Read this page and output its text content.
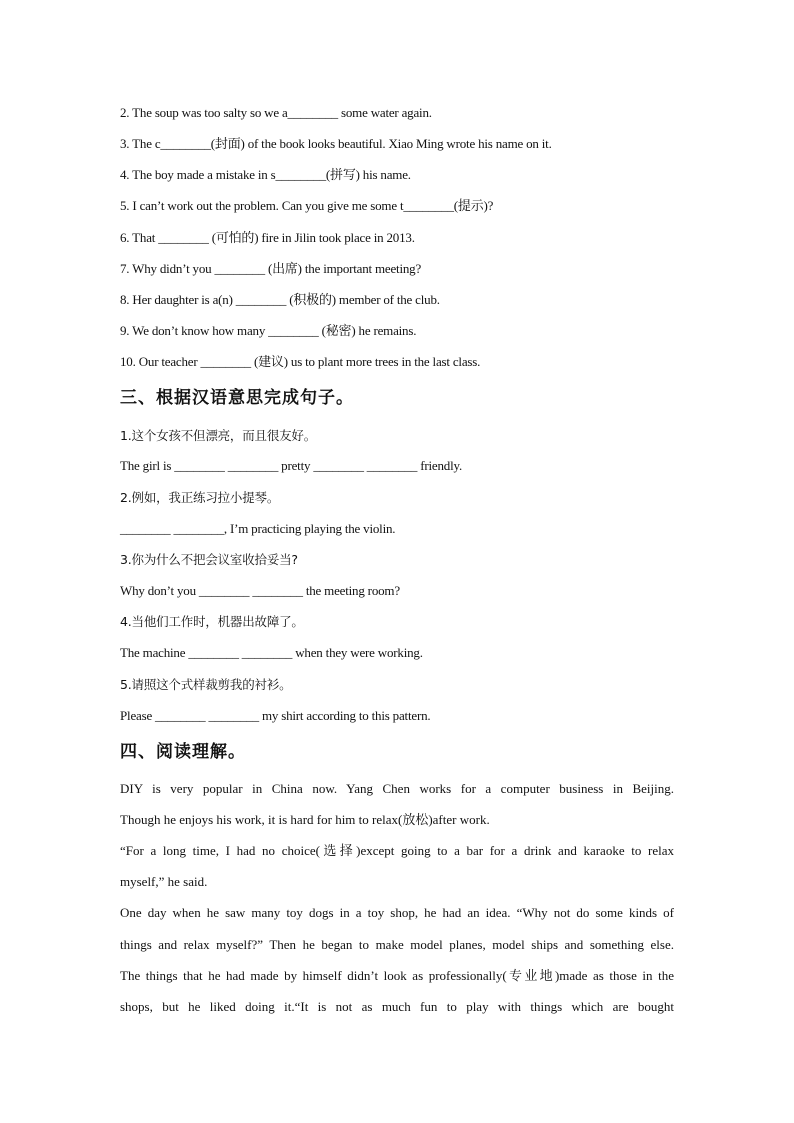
2. The soup was too salty so we a________ some water again.
3. The c________(封面) of the book looks beautiful. Xiao Ming wrote his name on it.
4. The boy made a mistake in s________(拼写) his name.
5. I can’t work out the problem. Can you give me some t________(提示)?
6. That ________ (可怕的) fire in Jilin took place in 2013.
7. Why didn’t you ________ (出席) the important meeting?
8. Her daughter is a(n) ________ (积极的) member of the club.
9. We don’t know how many ________ (秘密) he remains.
10. Our teacher ________ (建议) us to plant more trees in the last class.
三、根据汉语意思完成句子。
1.这个女孩不但漂亮，而且很友好。
The girl is ________ ________ pretty ________ ________ friendly.
2.例如，我正练习拉小提琴。
________ ________, I’m practicing playing the violin.
3.你为什么不把会议室收拾妥当?
Why don’t you ________ ________ the meeting room?
4.当他们工作时，机器出故障了。
The machine ________ ________ when they were working.
5.请照这个式样裁剪我的衬衫。
Please ________ ________ my shirt according to this pattern.
四、阅读理解。
DIY is very popular in China now. Yang Chen works for a computer business in Beijing.
Though he enjoys his work, it is hard for him to relax(放松)after work.
“For a long time, I had no choice(选择)except going to a bar for a drink and karaoke to relax
myself,” he said.
One day when he saw many toy dogs in a toy shop, he had an idea. “Why not do some kinds of
things and relax myself?” Then he began to make model planes, model ships and something else.
The things that he had made by himself didn’t look as professionally(专业地)made as those in the
shops, but he liked doing it.“It is not as much fun to play with things which are bought
